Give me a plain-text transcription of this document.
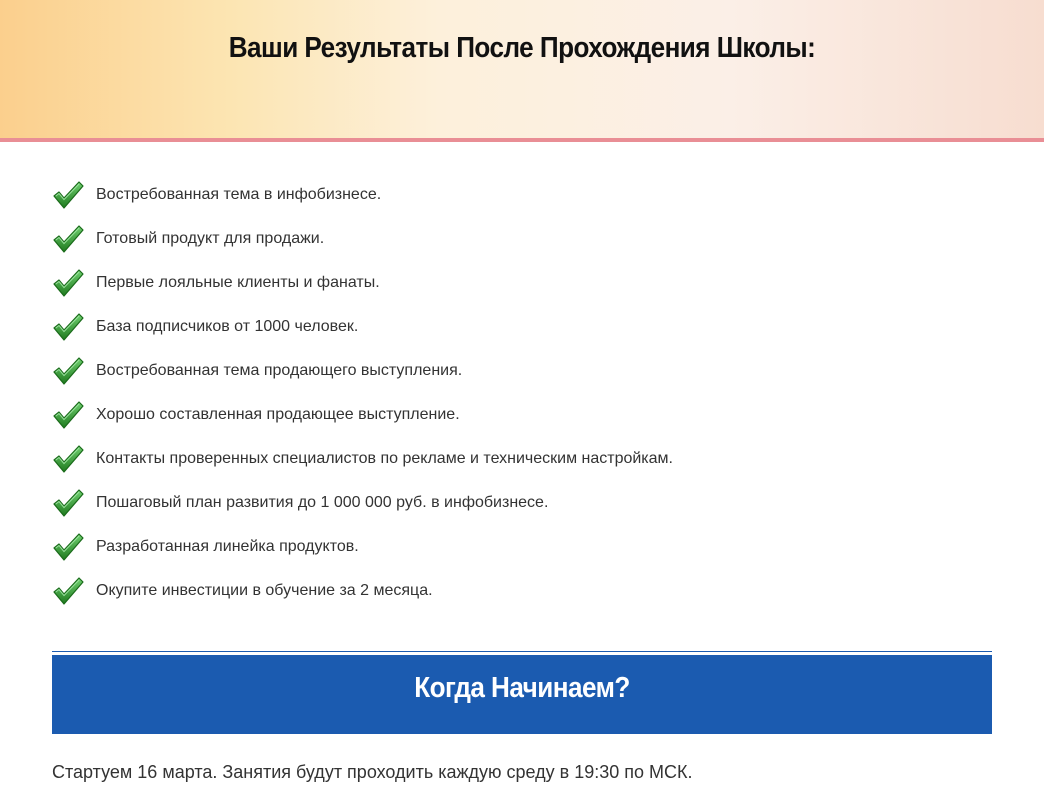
Ваши Результаты После Прохождения Школы:
Востребованная тема в инфобизнесе.
Готовый продукт для продажи.
Первые лояльные клиенты и фанаты.
База подписчиков от 1000 человек.
Востребованная тема продающего выступления.
Хорошо составленная продающее выступление.
Контакты проверенных специалистов по рекламе и техническим настройкам.
Пошаговый план развития до 1 000 000 руб. в инфобизнесе.
Разработанная линейка продуктов.
Окупите инвестиции в обучение за 2 месяца.
Когда Начинаем?

Стартуем 16 марта. Занятия будут проходить каждую среду в 19:30 по МСК.
